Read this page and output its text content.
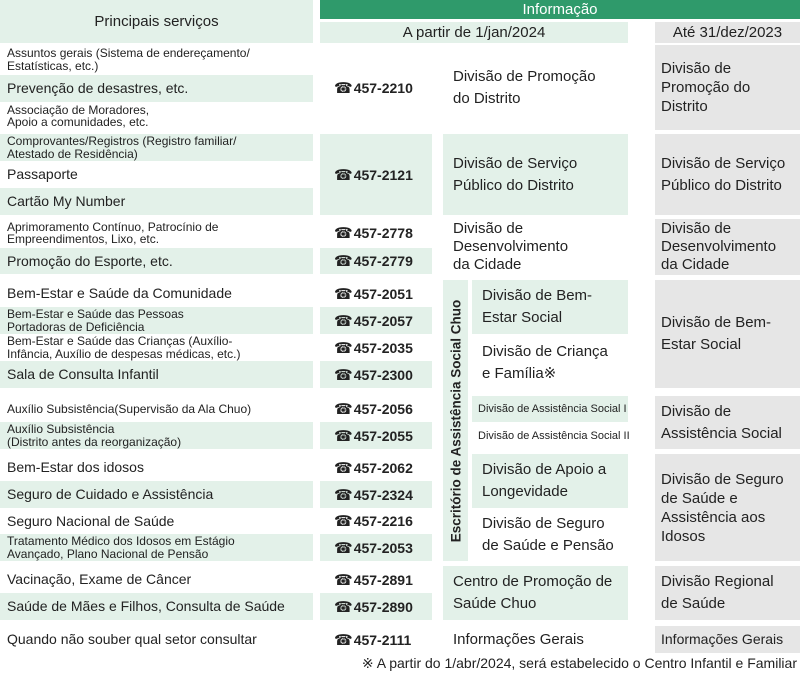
Principais serviços
Informação
A partir de 1/jan/2024	Até 31/dez/2023
Assuntos gerais (Sistema de endereçamento/
Estatísticas, etc.)
Prevenção de desastres, etc.
Associação de Moradores,
Apoio a comunidades, etc.
Comprovantes/Registros (Registro familiar/
Atestado de Residência)
Passaporte
Cartão My Number
Aprimoramento Contínuo, Patrocínio de
Empreendimentos, Lixo, etc.
Promoção do Esporte, etc.
Bem-Estar e Saúde da Comunidade
Bem-Estar e Saúde das Pessoas
Portadoras de Deficiência
Bem-Estar e Saúde das Crianças (Auxílio-
Infância, Auxílio de despesas médicas, etc.)
Sala de Consulta Infantil
Auxílio Subsistência(Supervisão da Ala Chuo)
Auxílio Subsistência
(Distrito antes da reorganização)
Bem-Estar dos idosos
Seguro de Cuidado e Assistência
Seguro Nacional de Saúde
Tratamento Médico dos Idosos em Estágio
Avançado, Plano Nacional de Pensão
Vacinação, Exame de Câncer
Saúde de Mães e Filhos, Consulta de Saúde
Quando não souber qual setor consultar
☎ 457-2210
☎ 457-2121
☎ 457-2778
☎ 457-2779
☎ 457-2051
☎ 457-2057
☎ 457-2035
☎ 457-2300
☎ 457-2056
☎ 457-2055
☎ 457-2062
☎ 457-2324
☎ 457-2216
☎ 457-2053
☎ 457-2891
☎ 457-2890
☎ 457-2111
Divisão de Promoção
do Distrito
Divisão de Serviço
Público do Distrito
Divisão de
Desenvolvimento
da Cidade
Escritório de Assistência Social Chuo
Divisão de Bem-
Estar Social
Divisão de Criança
e Família※
Divisão de Assistência Social I
Divisão de Assistência Social II
Divisão de Apoio a
Longevidade
Divisão de Seguro
de Saúde e Pensão
Centro de Promoção de
Saúde Chuo
Informações Gerais
Divisão de
Promoção do
Distrito
Divisão de Serviço
Público do Distrito
Divisão de
Desenvolvimento
da Cidade
Divisão de Bem-
Estar Social
Divisão de
Assistência Social
Divisão de Seguro
de Saúde e
Assistência aos
Idosos
Divisão Regional
de Saúde
Informações Gerais
※ A partir do 1/abr/2024, será estabelecido o Centro Infantil e Familiar
